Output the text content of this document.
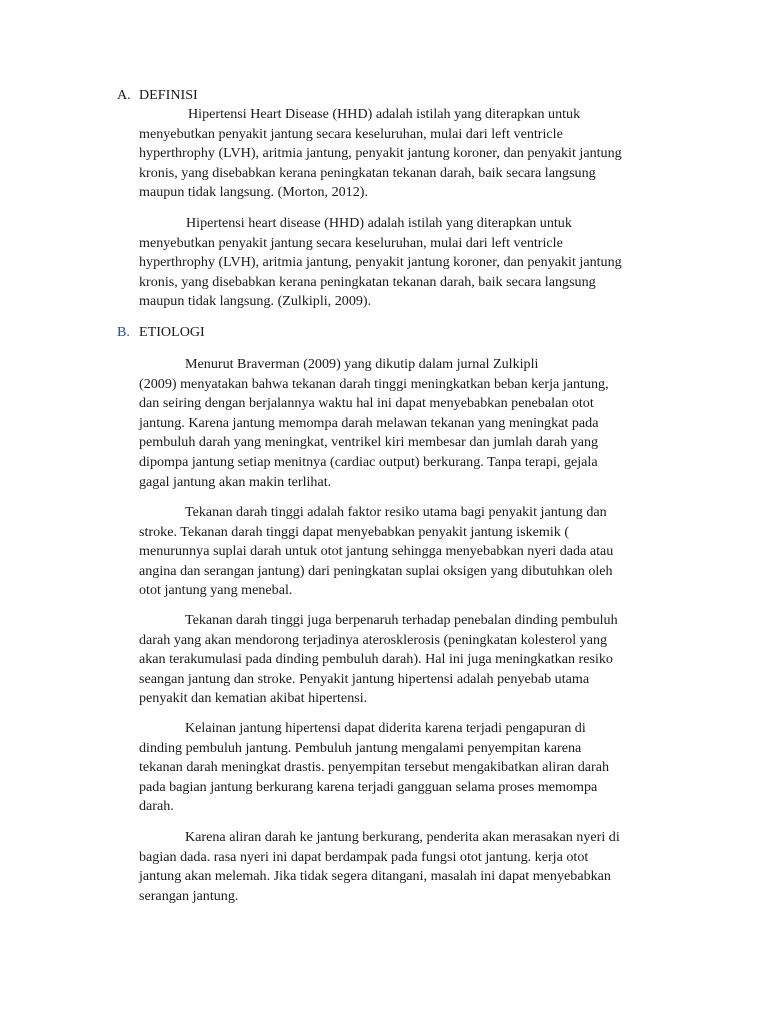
A. DEFINISI

Hipertensi Heart Disease (HHD) adalah istilah yang diterapkan untuk
menyebutkan penyakit jantung secara keseluruhan, mulai dari left ventricle
hyperthrophy (LVH), aritmia jantung, penyakit jantung koroner, dan penyakit jantung
kronis, yang disebabkan kerana peningkatan tekanan darah, baik secara langsung
maupun tidak langsung. (Morton, 2012).

Hipertensi heart disease (HHD) adalah istilah yang diterapkan untuk
menyebutkan penyakit jantung secara keseluruhan, mulai dari left ventricle
hyperthrophy (LVH), aritmia jantung, penyakit jantung koroner, dan penyakit jantung
kronis, yang disebabkan kerana peningkatan tekanan darah, baik secara langsung
maupun tidak langsung. (Zulkipli, 2009).

B. ETIOLOGI

Menurut Braverman (2009) yang dikutip dalam jurnal Zulkipli
(2009) menyatakan bahwa tekanan darah tinggi meningkatkan beban kerja jantung,
dan seiring dengan berjalannya waktu hal ini dapat menyebabkan penebalan otot
jantung. Karena jantung memompa darah melawan tekanan yang meningkat pada
pembuluh darah yang meningkat, ventrikel kiri membesar dan jumlah darah yang
dipompa jantung setiap menitnya (cardiac output) berkurang. Tanpa terapi, gejala
gagal jantung akan makin terlihat.

Tekanan darah tinggi adalah faktor resiko utama bagi penyakit jantung dan
stroke. Tekanan darah tinggi dapat menyebabkan penyakit jantung iskemik (
menurunnya suplai darah untuk otot jantung sehingga menyebabkan nyeri dada atau
angina dan serangan jantung) dari peningkatan suplai oksigen yang dibutuhkan oleh
otot jantung yang menebal.

Tekanan darah tinggi juga berpenaruh terhadap penebalan dinding pembuluh
darah yang akan mendorong terjadinya aterosklerosis (peningkatan kolesterol yang
akan terakumulasi pada dinding pembuluh darah). Hal ini juga meningkatkan resiko
seangan jantung dan stroke. Penyakit jantung hipertensi adalah penyebab utama
penyakit dan kematian akibat hipertensi.

Kelainan jantung hipertensi dapat diderita karena terjadi pengapuran di
dinding pembuluh jantung. Pembuluh jantung mengalami penyempitan karena
tekanan darah meningkat drastis. penyempitan tersebut mengakibatkan aliran darah
pada bagian jantung berkurang karena terjadi gangguan selama proses memompa
darah.

Karena aliran darah ke jantung berkurang, penderita akan merasakan nyeri di
bagian dada. rasa nyeri ini dapat berdampak pada fungsi otot jantung. kerja otot
jantung akan melemah. Jika tidak segera ditangani, masalah ini dapat menyebabkan
serangan jantung.
